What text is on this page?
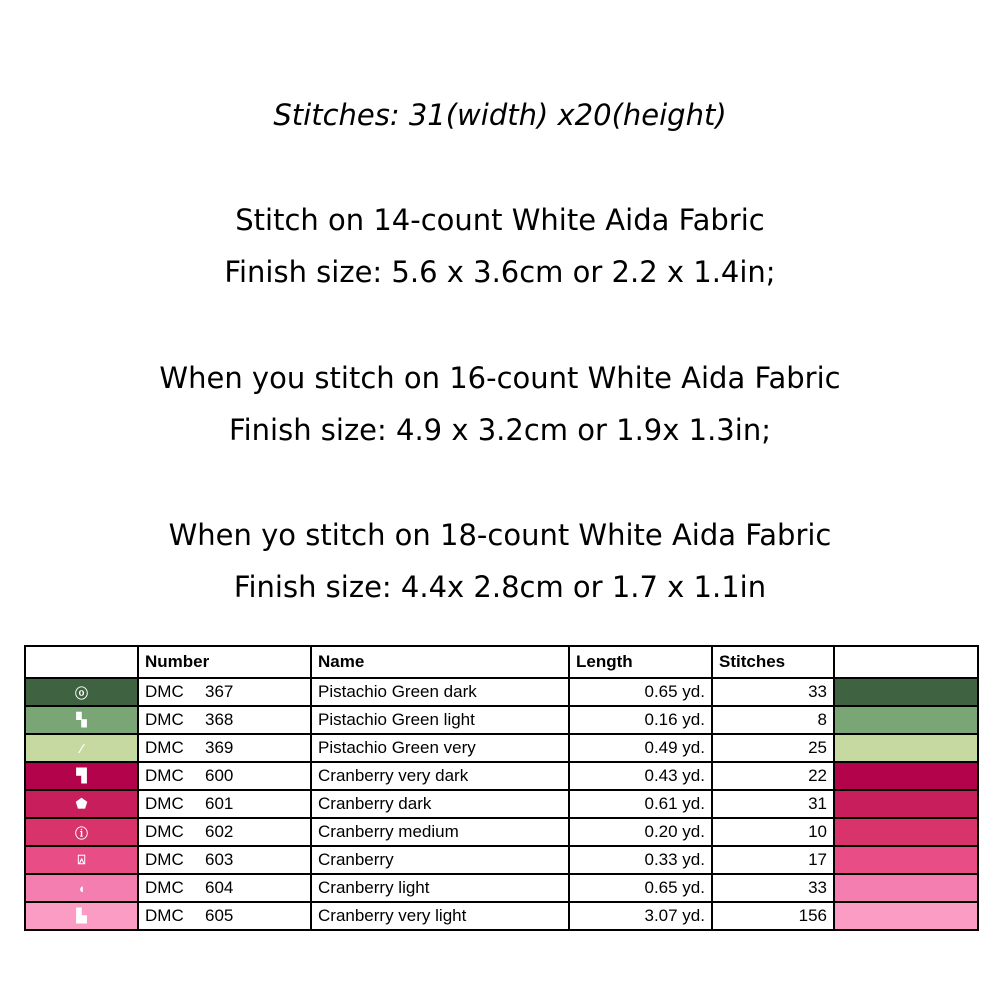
Stitches: 31(width) x20(height)
Stitch on 14-count White Aida Fabric
Finish size: 5.6 x 3.6cm or 2.2 x 1.4in;
When you stitch on 16-count White Aida Fabric
Finish size: 4.9 x 3.2cm or 1.9x 1.3in;
When yo stitch on 18-count White Aida Fabric
Finish size: 4.4x 2.8cm or 1.7 x 1.1in
	Number	Name	Length	Stitches	
ⓞ	DMC 367	Pistachio Green dark	0.65 yd.	33	
▚	DMC 368	Pistachio Green light	0.16 yd.	8	
⁄	DMC 369	Pistachio Green very	0.49 yd.	25	
▜	DMC 600	Cranberry very dark	0.43 yd.	22	
⬟	DMC 601	Cranberry dark	0.61 yd.	31	
ⓘ	DMC 602	Cranberry medium	0.20 yd.	10	
⍓	DMC 603	Cranberry	0.33 yd.	17	
◖	DMC 604	Cranberry light	0.65 yd.	33	
▙	DMC 605	Cranberry very light	3.07 yd.	156	
